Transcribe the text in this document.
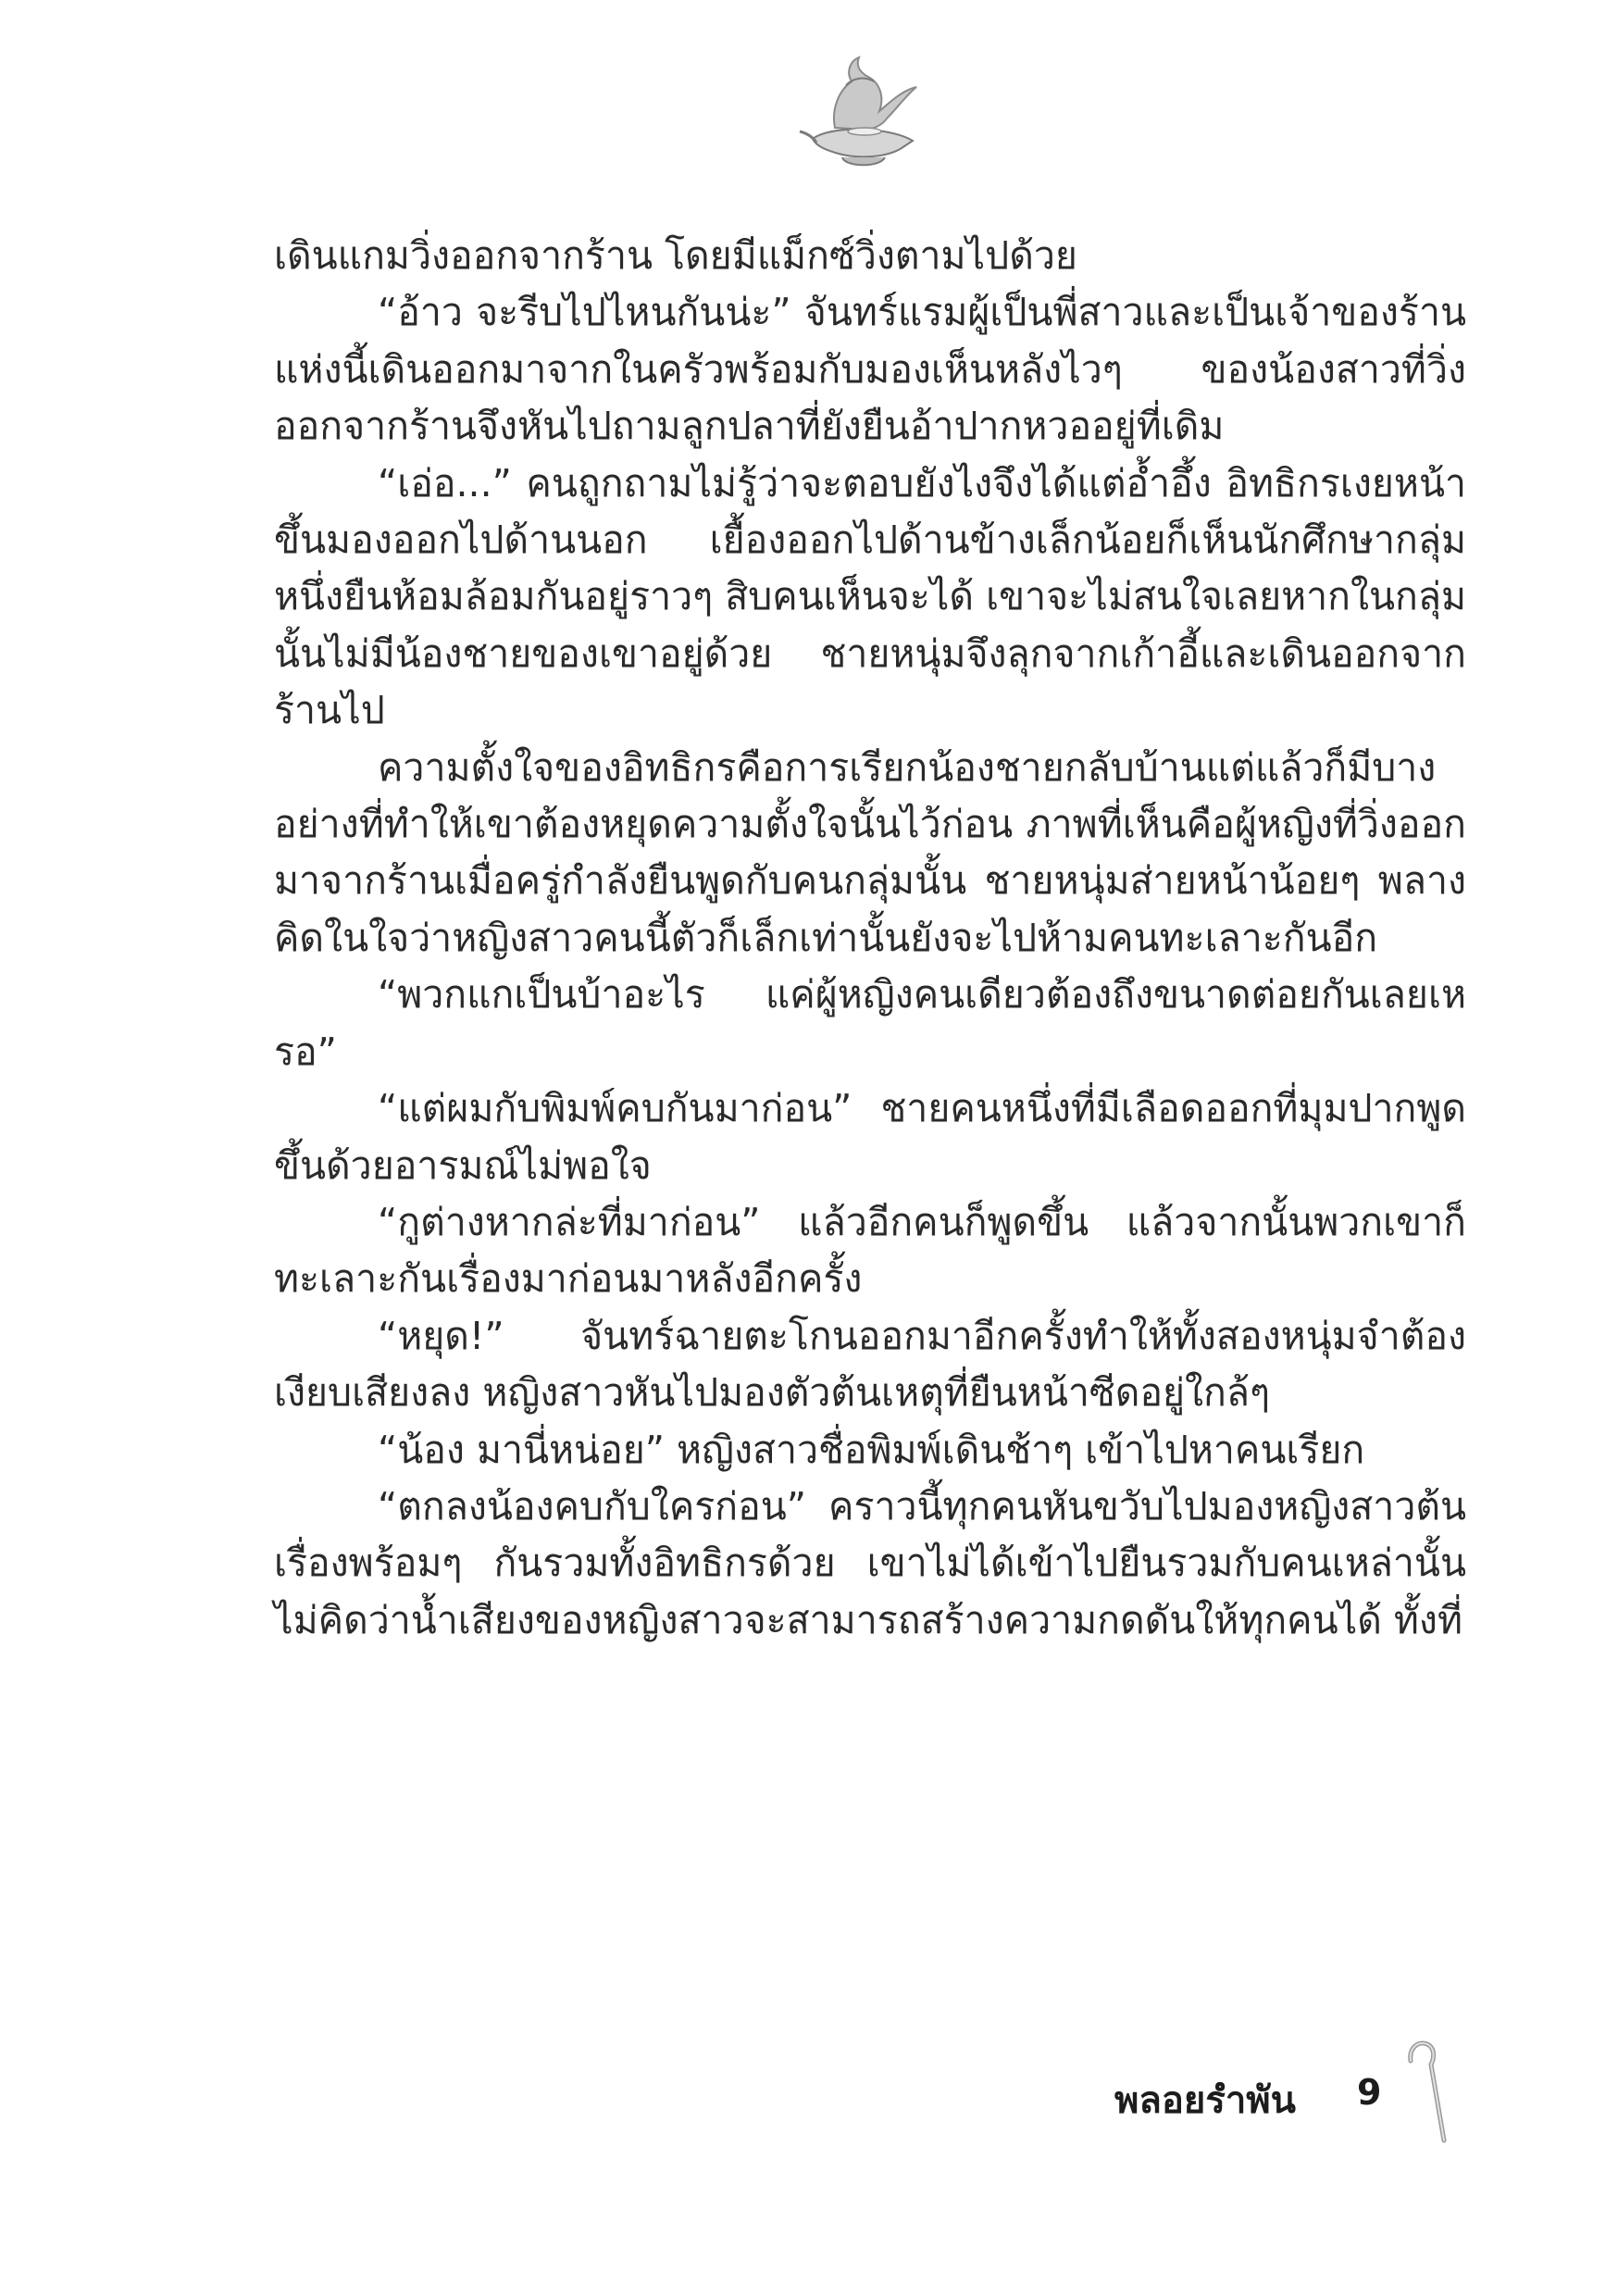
เดินแกมวิ่งออกจากร้าน โดยมีแม็กซ์วิ่งตามไปด้วย

“อ้าว จะรีบไปไหนกันน่ะ” จันทร์แรมผู้เป็นพี่สาวและเป็นเจ้าของร้านแห่งนี้เดินออกมาจากในครัวพร้อมกับมองเห็นหลังไวๆ ของน้องสาวที่วิ่งออกจากร้านจึงหันไปถามลูกปลาที่ยังยืนอ้าปากหวออยู่ที่เดิม

“เอ่อ...” คนถูกถามไม่รู้ว่าจะตอบยังไงจึงได้แต่อ้ำอึ้ง อิทธิกรเงยหน้าขึ้นมองออกไปด้านนอก เยื้องออกไปด้านข้างเล็กน้อยก็เห็นนักศึกษากลุ่มหนึ่งยืนห้อมล้อมกันอยู่ราวๆ สิบคนเห็นจะได้ เขาจะไม่สนใจเลยหากในกลุ่มนั้นไม่มีน้องชายของเขาอยู่ด้วย ชายหนุ่มจึงลุกจากเก้าอี้และเดินออกจากร้านไป

ความตั้งใจของอิทธิกรคือการเรียกน้องชายกลับบ้านแต่แล้วก็มีบางอย่างที่ทำให้เขาต้องหยุดความตั้งใจนั้นไว้ก่อน ภาพที่เห็นคือผู้หญิงที่วิ่งออกมาจากร้านเมื่อครู่กำลังยืนพูดกับคนกลุ่มนั้น ชายหนุ่มส่ายหน้าน้อยๆ พลางคิดในใจว่าหญิงสาวคนนี้ตัวก็เล็กเท่านั้นยังจะไปห้ามคนทะเลาะกันอีก

“พวกแกเป็นบ้าอะไร แค่ผู้หญิงคนเดียวต้องถึงขนาดต่อยกันเลยเหรอ”

“แต่ผมกับพิมพ์คบกันมาก่อน” ชายคนหนึ่งที่มีเลือดออกที่มุมปากพูดขึ้นด้วยอารมณ์ไม่พอใจ

“กูต่างหากล่ะที่มาก่อน” แล้วอีกคนก็พูดขึ้น แล้วจากนั้นพวกเขาก็ทะเลาะกันเรื่องมาก่อนมาหลังอีกครั้ง

“หยุด!” จันทร์ฉายตะโกนออกมาอีกครั้งทำให้ทั้งสองหนุ่มจำต้องเงียบเสียงลง หญิงสาวหันไปมองตัวต้นเหตุที่ยืนหน้าซีดอยู่ใกล้ๆ

“น้อง มานี่หน่อย” หญิงสาวชื่อพิมพ์เดินช้าๆ เข้าไปหาคนเรียก

“ตกลงน้องคบกับใครก่อน” คราวนี้ทุกคนหันขวับไปมองหญิงสาวต้นเรื่องพร้อมๆ กันรวมทั้งอิทธิกรด้วย เขาไม่ได้เข้าไปยืนรวมกับคนเหล่านั้นไม่คิดว่าน้ำเสียงของหญิงสาวจะสามารถสร้างความกดดันให้ทุกคนได้ ทั้งที่

พลอยรำพัน 9
